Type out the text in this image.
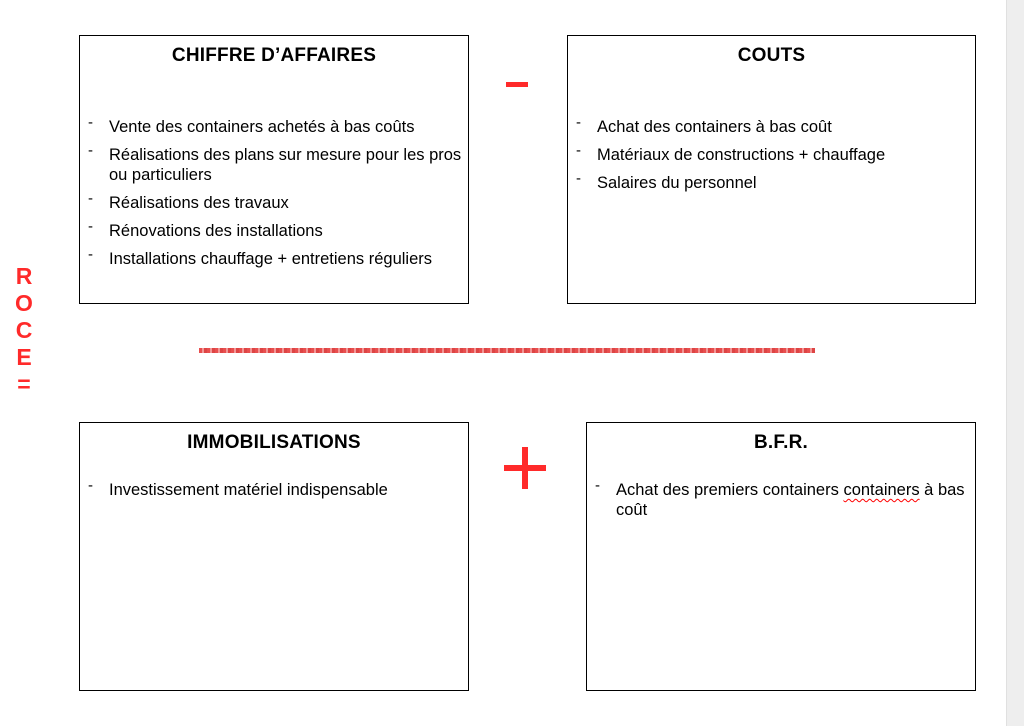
R
O
C
E
=
CHIFFRE D’AFFAIRES
- Vente des containers achetés à bas coûts
- Réalisations des plans sur mesure pour les pros ou particuliers
- Réalisations des travaux
- Rénovations des installations
- Installations chauffage + entretiens réguliers
COUTS
- Achat des containers à bas coût
- Matériaux de constructions + chauffage
- Salaires du personnel
IMMOBILISATIONS
- Investissement matériel indispensable
B.F.R.
- Achat des premiers containers containers à bas coût
